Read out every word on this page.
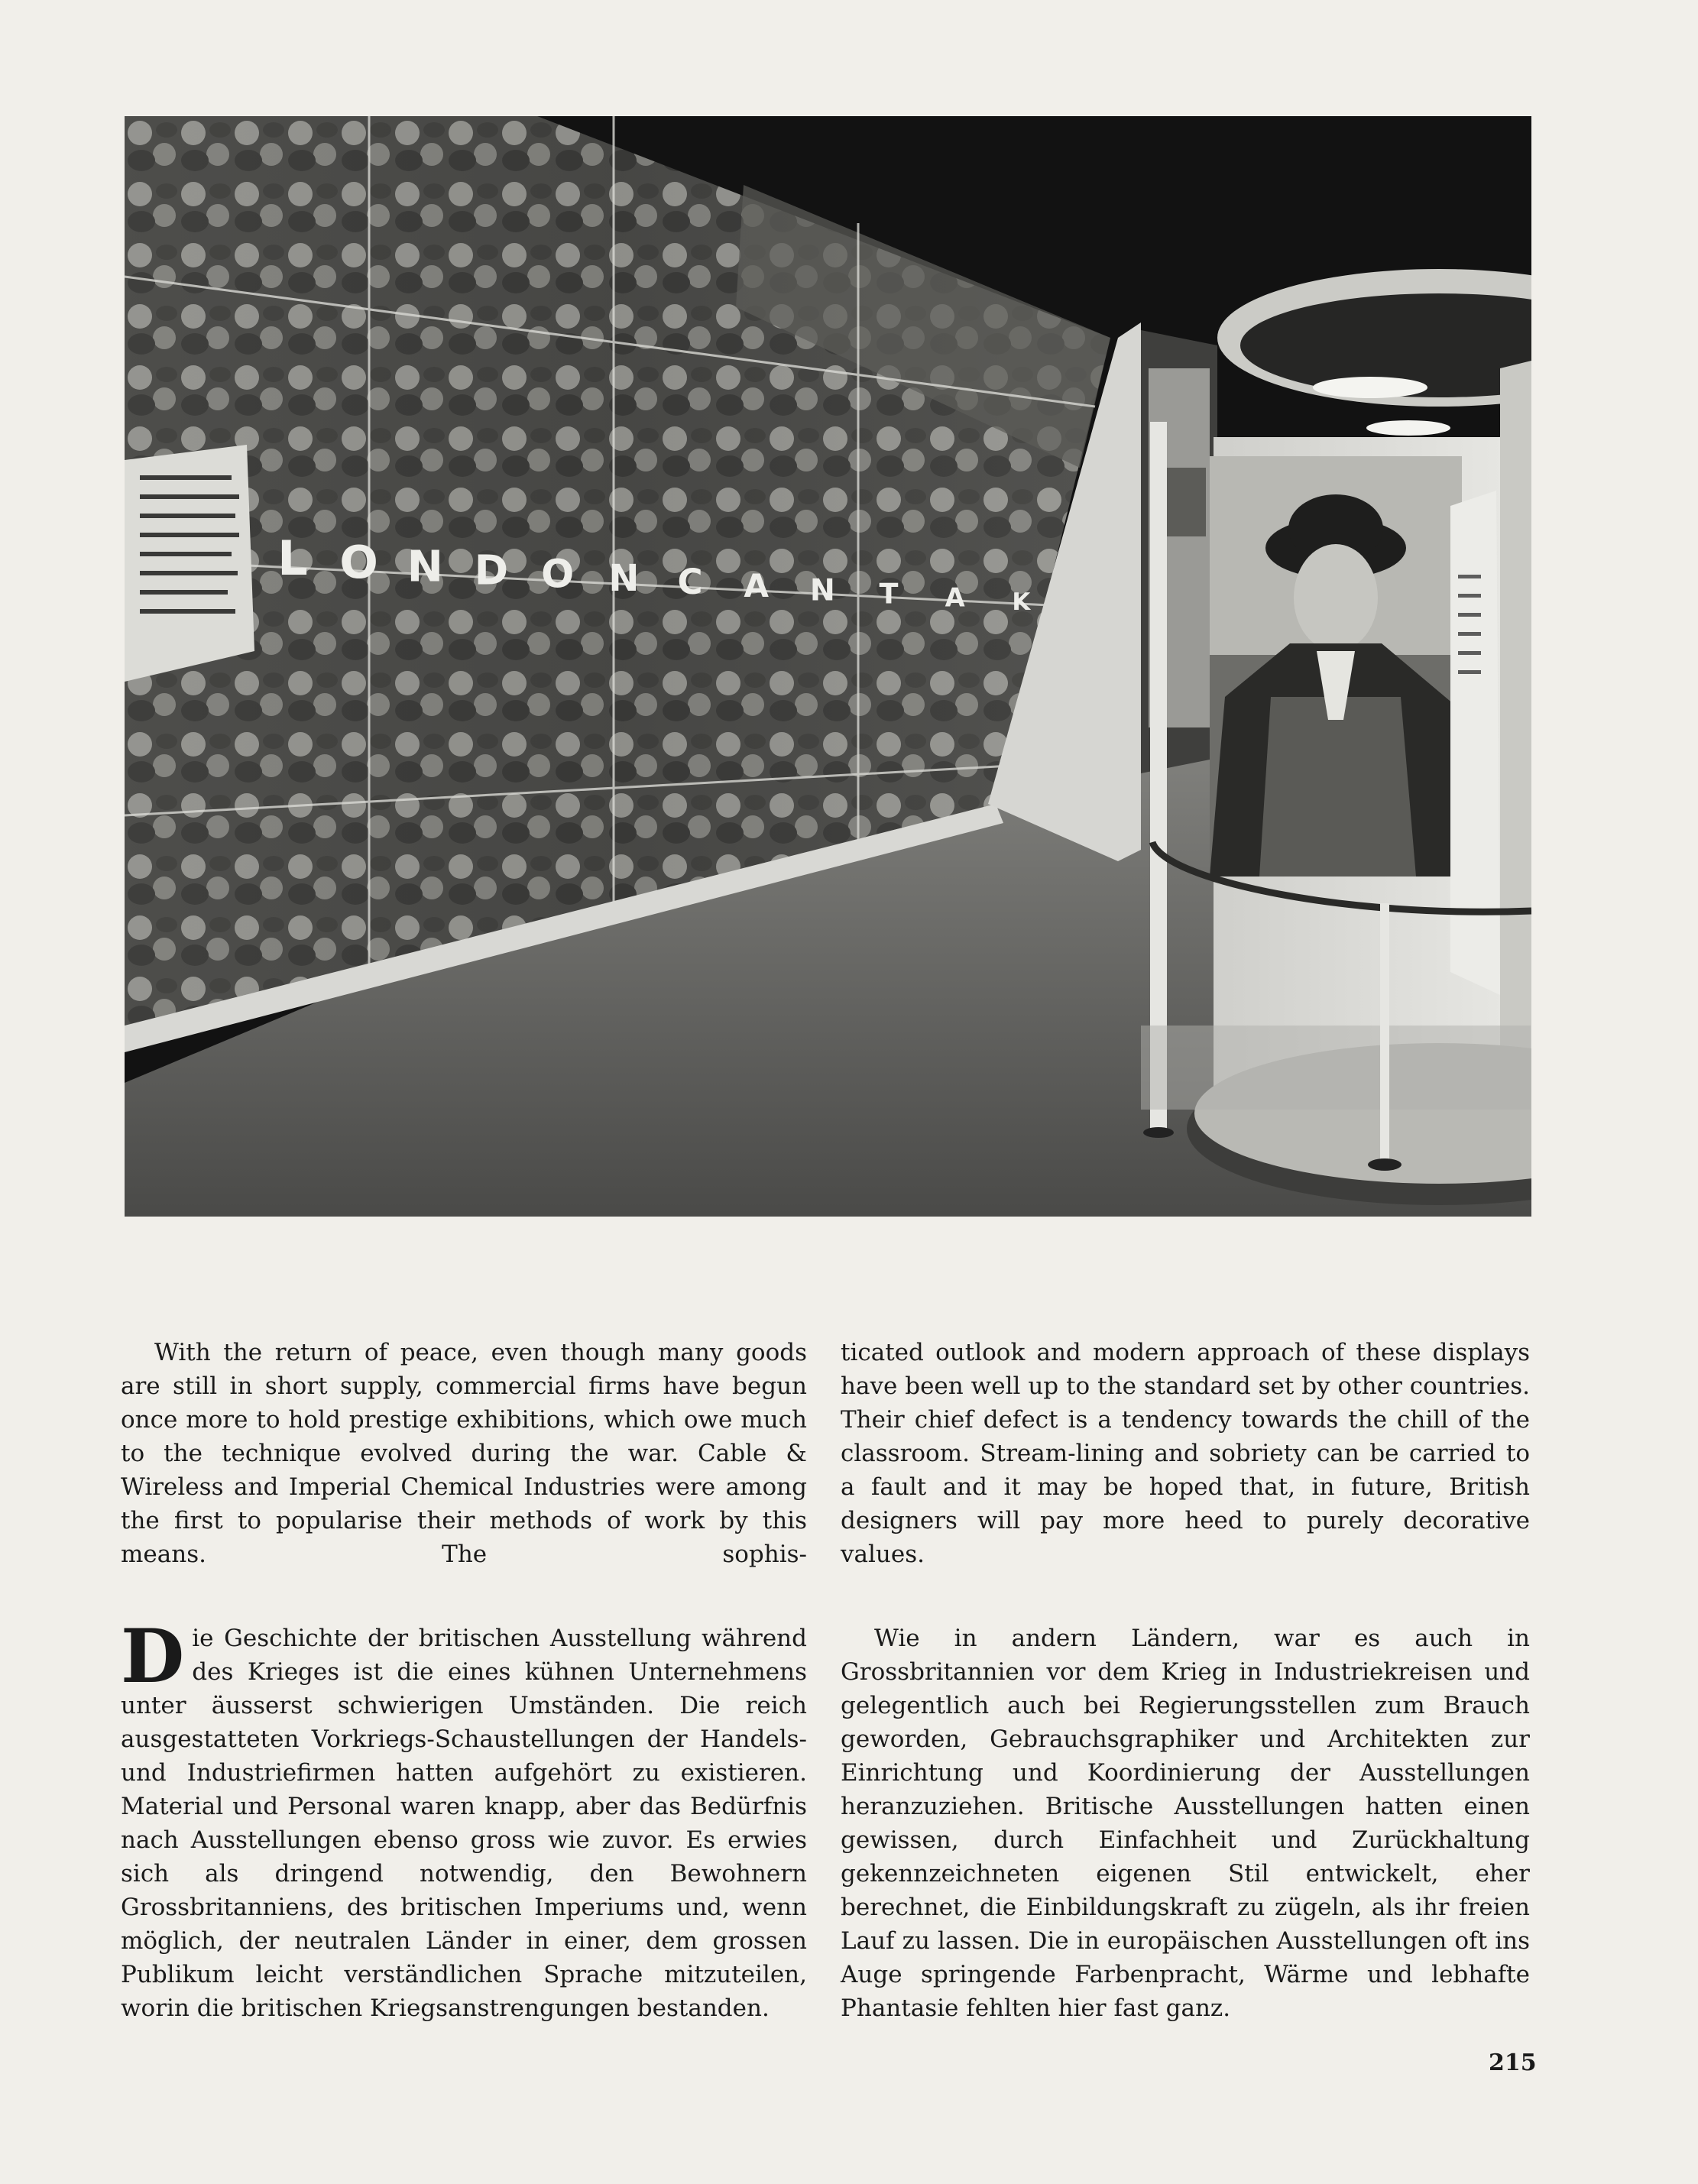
L O N D O N C A N T A K

With the return of peace, even though many goods are still in short supply, commercial firms have begun once more to hold prestige exhibitions, which owe much to the technique evolved during the war. Cable & Wireless and Imperial Chemical Industries were among the first to popularise their methods of work by this means. The sophis-

ticated outlook and modern approach of these displays have been well up to the standard set by other countries. Their chief defect is a tendency towards the chill of the classroom. Stream-lining and sobriety can be carried to a fault and it may be hoped that, in future, British designers will pay more heed to purely decorative values.

Die Geschichte der britischen Ausstellung während des Krieges ist die eines kühnen Unternehmens unter äusserst schwierigen Umständen. Die reich ausgestatteten Vorkriegs-Schaustellungen der Handels- und Industriefirmen hatten aufgehört zu existieren. Material und Personal waren knapp, aber das Bedürfnis nach Ausstellungen ebenso gross wie zuvor. Es erwies sich als dringend notwendig, den Bewohnern Grossbritanniens, des britischen Imperiums und, wenn möglich, der neutralen Länder in einer, dem grossen Publikum leicht verständlichen Sprache mitzuteilen, worin die britischen Kriegsanstrengungen bestanden.

Wie in andern Ländern, war es auch in Grossbritannien vor dem Krieg in Industriekreisen und gelegentlich auch bei Regierungsstellen zum Brauch geworden, Gebrauchsgraphiker und Architekten zur Einrichtung und Koordinierung der Ausstellungen heranzuziehen. Britische Ausstellungen hatten einen gewissen, durch Einfachheit und Zurückhaltung gekennzeichneten eigenen Stil entwickelt, eher berechnet, die Einbildungskraft zu zügeln, als ihr freien Lauf zu lassen. Die in europäischen Ausstellungen oft ins Auge springende Farbenpracht, Wärme und lebhafte Phantasie fehlten hier fast ganz.

215
